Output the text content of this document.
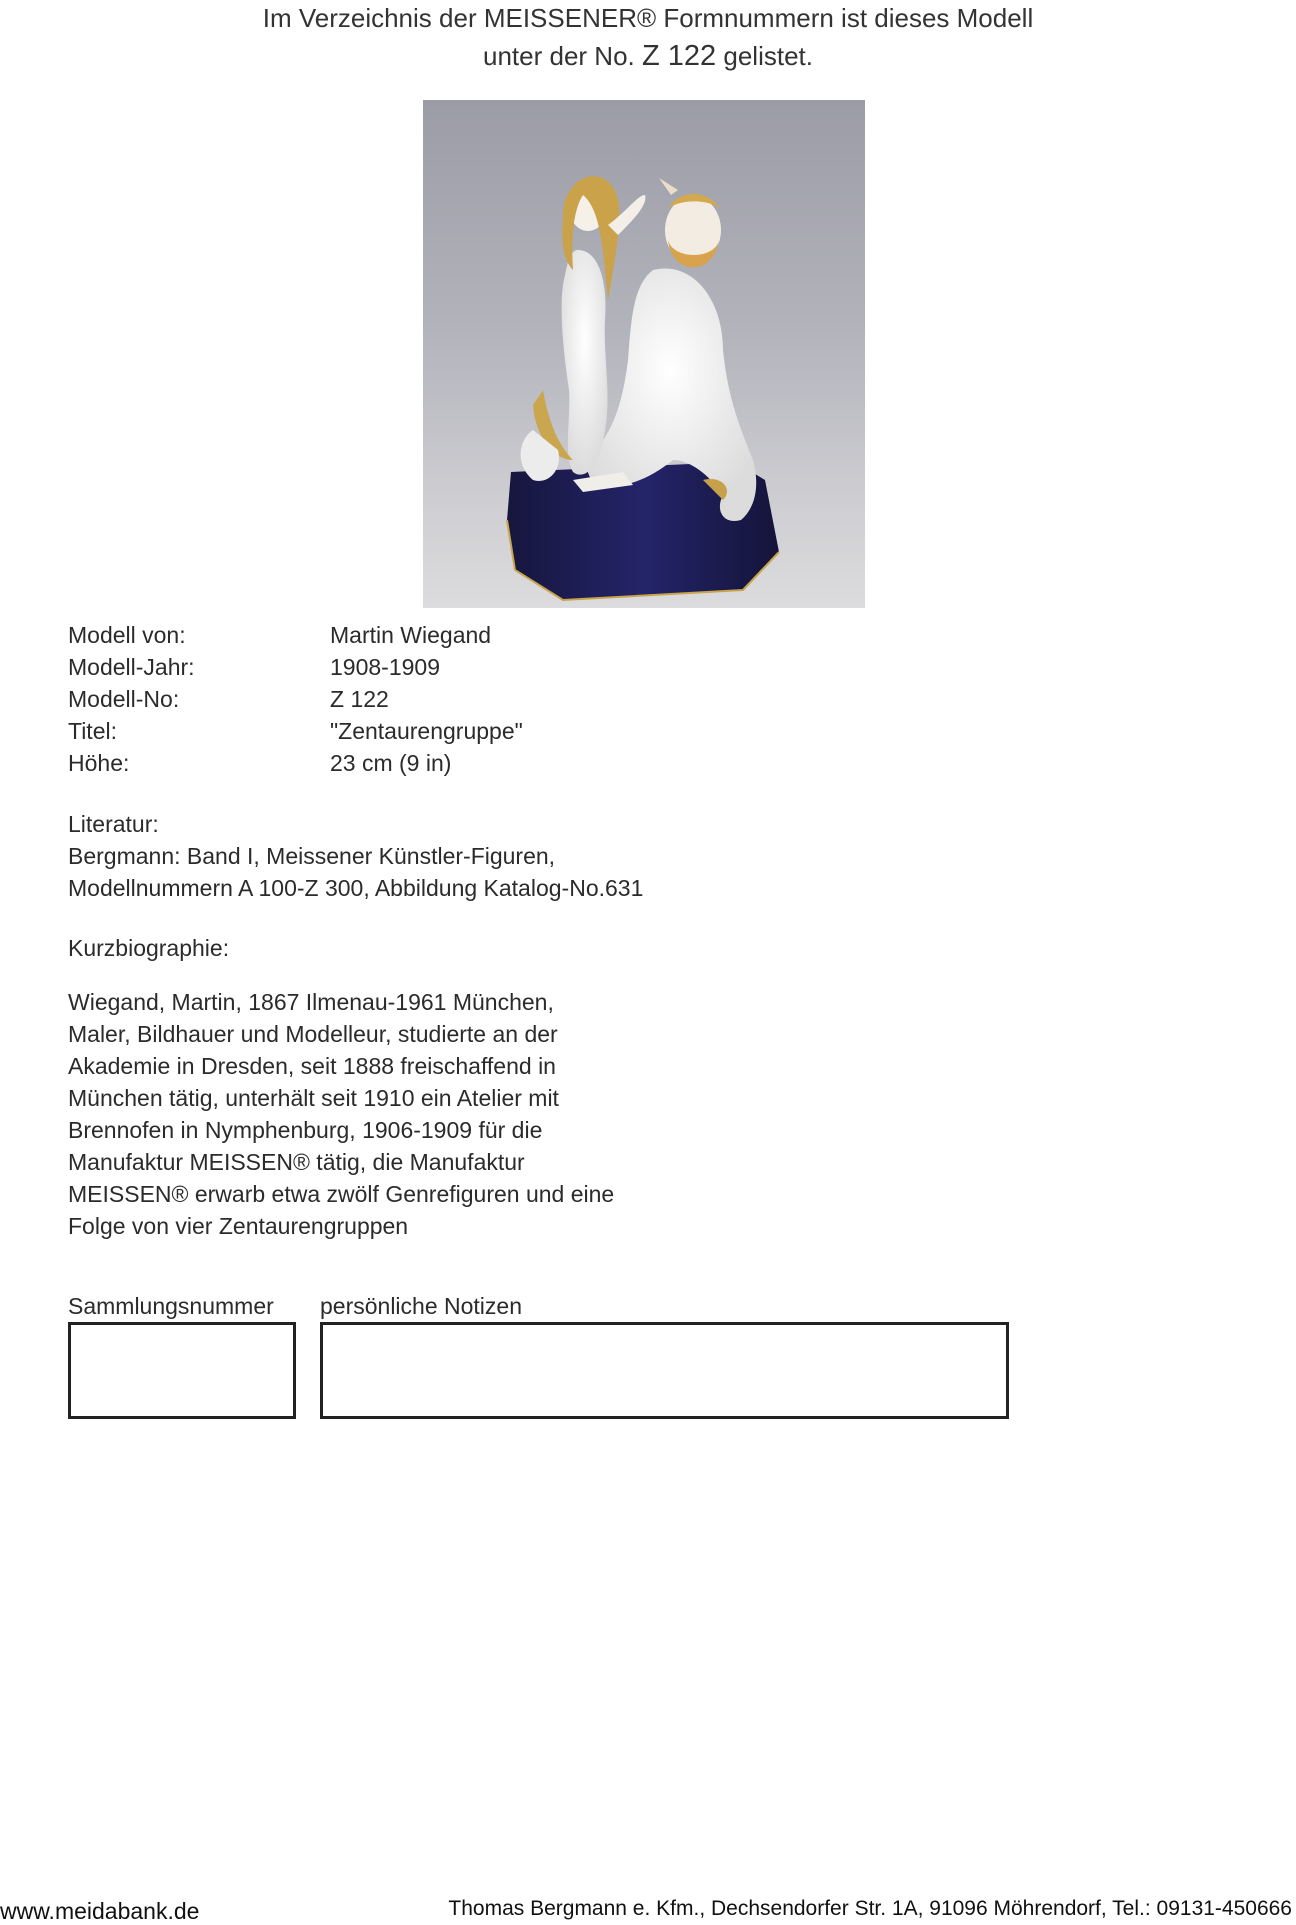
Im Verzeichnis der MEISSENER® Formnummern ist dieses Modell
unter der No. Z 122 gelistet.
Modell von:	Martin Wiegand
Modell-Jahr:	1908-1909
Modell-No:	Z 122
Titel:	"Zentaurengruppe"
Höhe:	23 cm (9 in)
Literatur:
Bergmann: Band I, Meissener Künstler-Figuren,
Modellnummern A 100-Z 300, Abbildung Katalog-No.631
Kurzbiographie:
Wiegand, Martin, 1867 Ilmenau-1961 München,
Maler, Bildhauer und Modelleur, studierte an der
Akademie in Dresden, seit 1888 freischaffend in
München tätig, unterhält seit 1910 ein Atelier mit
Brennofen in Nymphenburg, 1906-1909 für die
Manufaktur MEISSEN® tätig, die Manufaktur
MEISSEN® erwarb etwa zwölf Genrefiguren und eine
Folge von vier Zentaurengruppen
Sammlungsnummer persönliche Notizen
www.meidabank.de	Thomas Bergmann e. Kfm., Dechsendorfer Str. 1A, 91096 Möhrendorf, Tel.: 09131-450666
